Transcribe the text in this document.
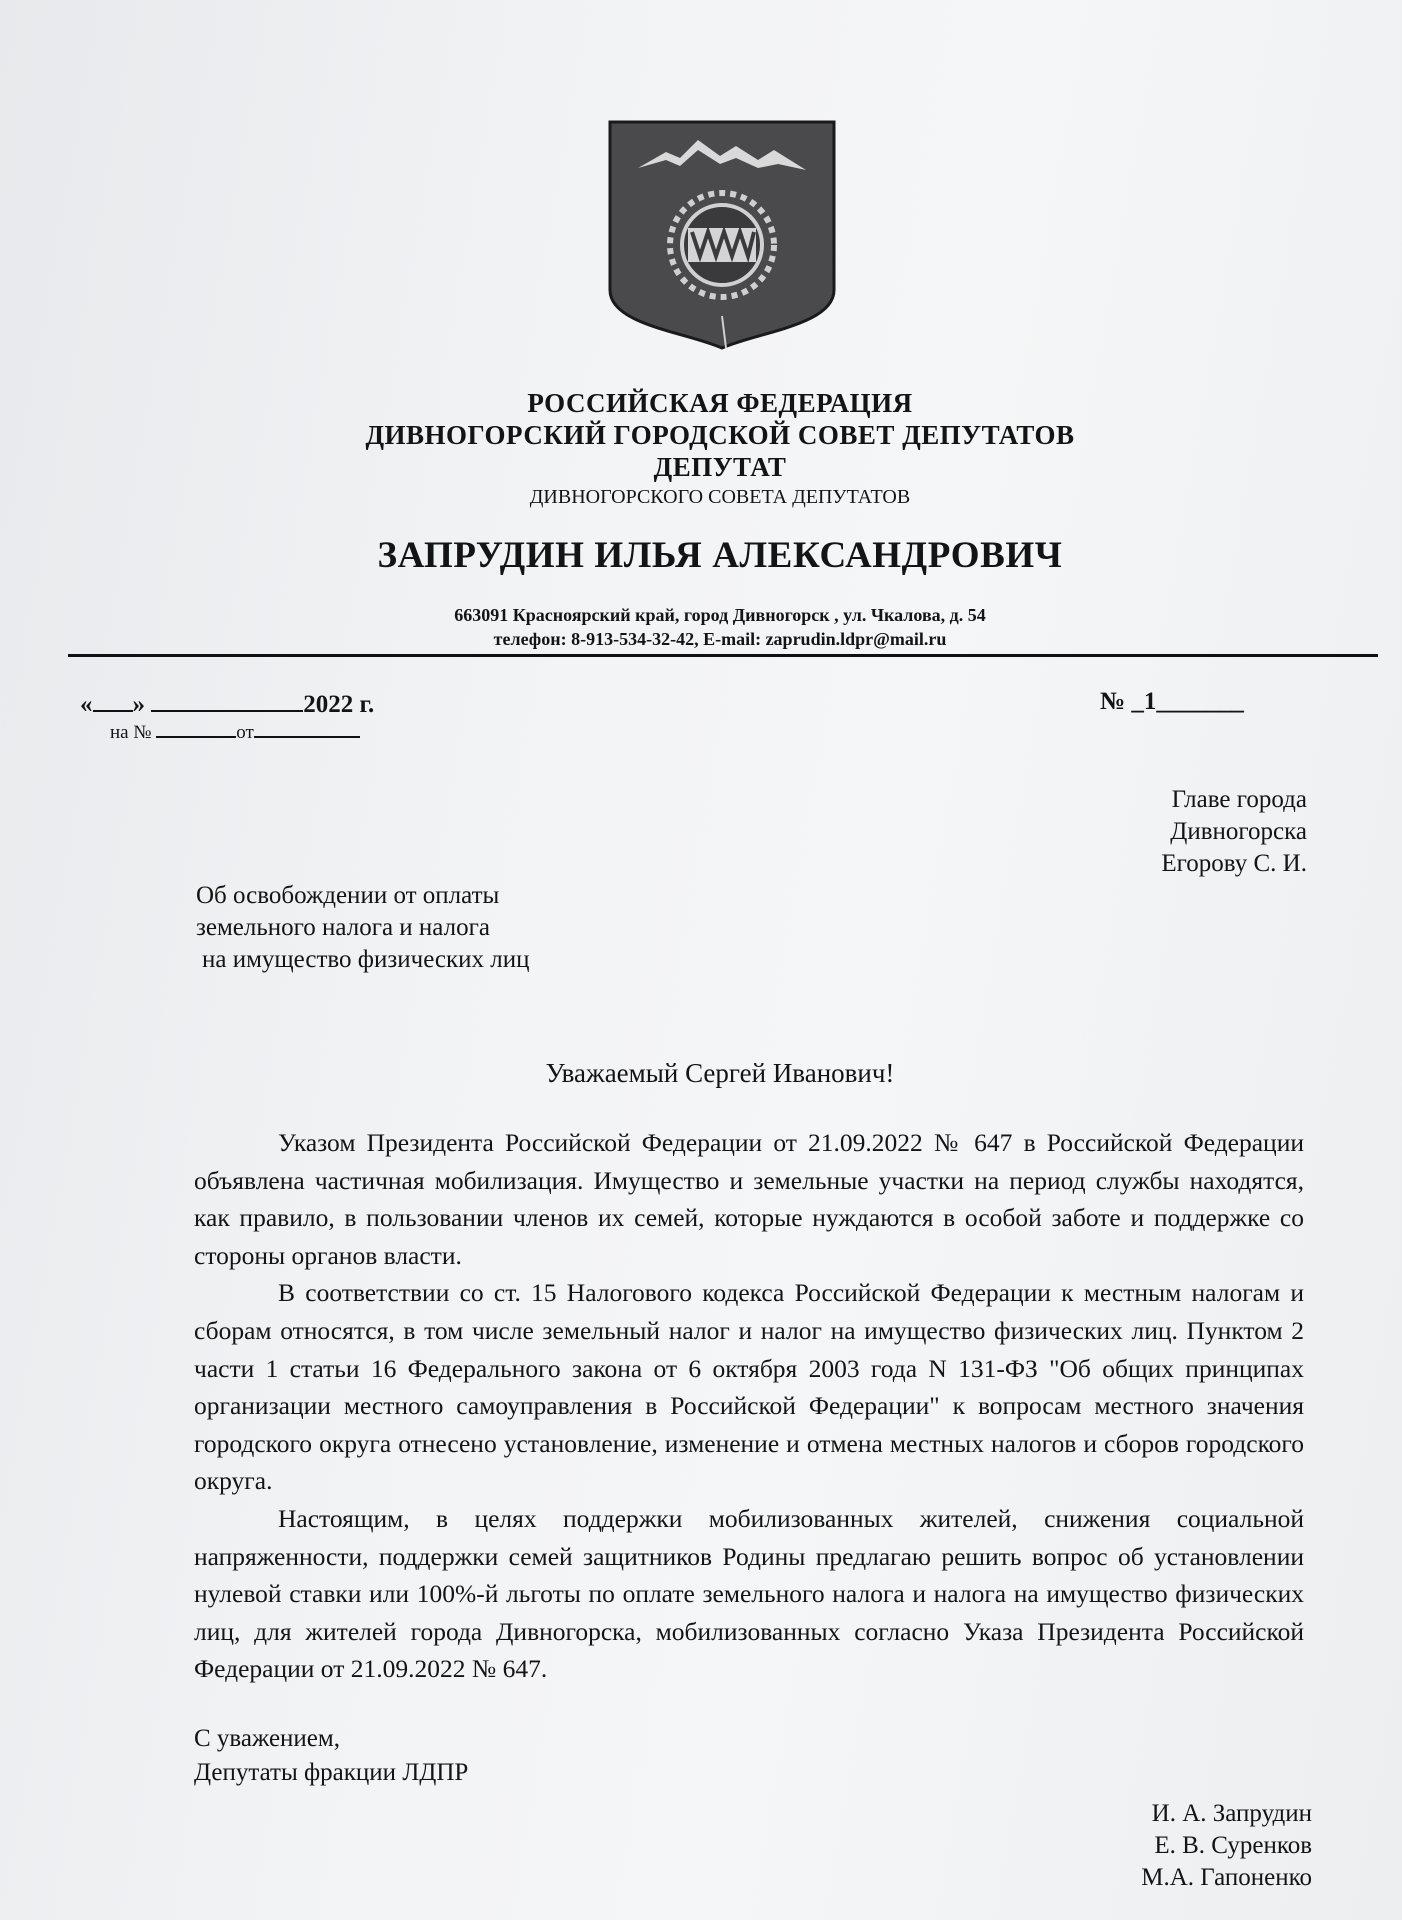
РОССИЙСКАЯ ФЕДЕРАЦИЯ
ДИВНОГОРСКИЙ ГОРОДСКОЙ СОВЕТ ДЕПУТАТОВ
ДЕПУТАТ
ДИВНОГОРСКОГО СОВЕТА ДЕПУТАТОВ
ЗАПРУДИН ИЛЬЯ АЛЕКСАНДРОВИЧ
663091 Красноярский край, город Дивногорск , ул. Чкалова, д. 54
телефон: 8-913-534-32-42, E-mail: zaprudin.ldpr@mail.ru
« »	2022 г.
на №	от
№ _1_______
Главе города
Дивногорска
Егорову С. И.
Об освобождении от оплаты
земельного налога и налога
на имущество физических лиц
Уважаемый Сергей Иванович!

Указом Президента Российской Федерации от 21.09.2022 № 647 в Российской Федерации объявлена частичная мобилизация. Имущество и земельные участки на период службы находятся, как правило, в пользовании членов их семей, которые нуждаются в особой заботе и поддержке со стороны органов власти.

В соответствии со ст. 15 Налогового кодекса Российской Федерации к местным налогам и сборам относятся, в том числе земельный налог и налог на имущество физических лиц. Пунктом 2 части 1 статьи 16 Федерального закона от 6 октября 2003 года N 131-ФЗ "Об общих принципах организации местного самоуправления в Российской Федерации" к вопросам местного значения городского округа отнесено установление, изменение и отмена местных налогов и сборов городского округа.

Настоящим, в целях поддержки мобилизованных жителей, снижения социальной напряженности, поддержки семей защитников Родины предлагаю решить вопрос об установлении нулевой ставки или 100%-й льготы по оплате земельного налога и налога на имущество физических лиц, для жителей города Дивногорска, мобилизованных согласно Указа Президента Российской Федерации от 21.09.2022 № 647.

С уважением,
Депутаты фракции ЛДПР
И. А. Запрудин
Е. В. Суренков
М.А. Гапоненко
